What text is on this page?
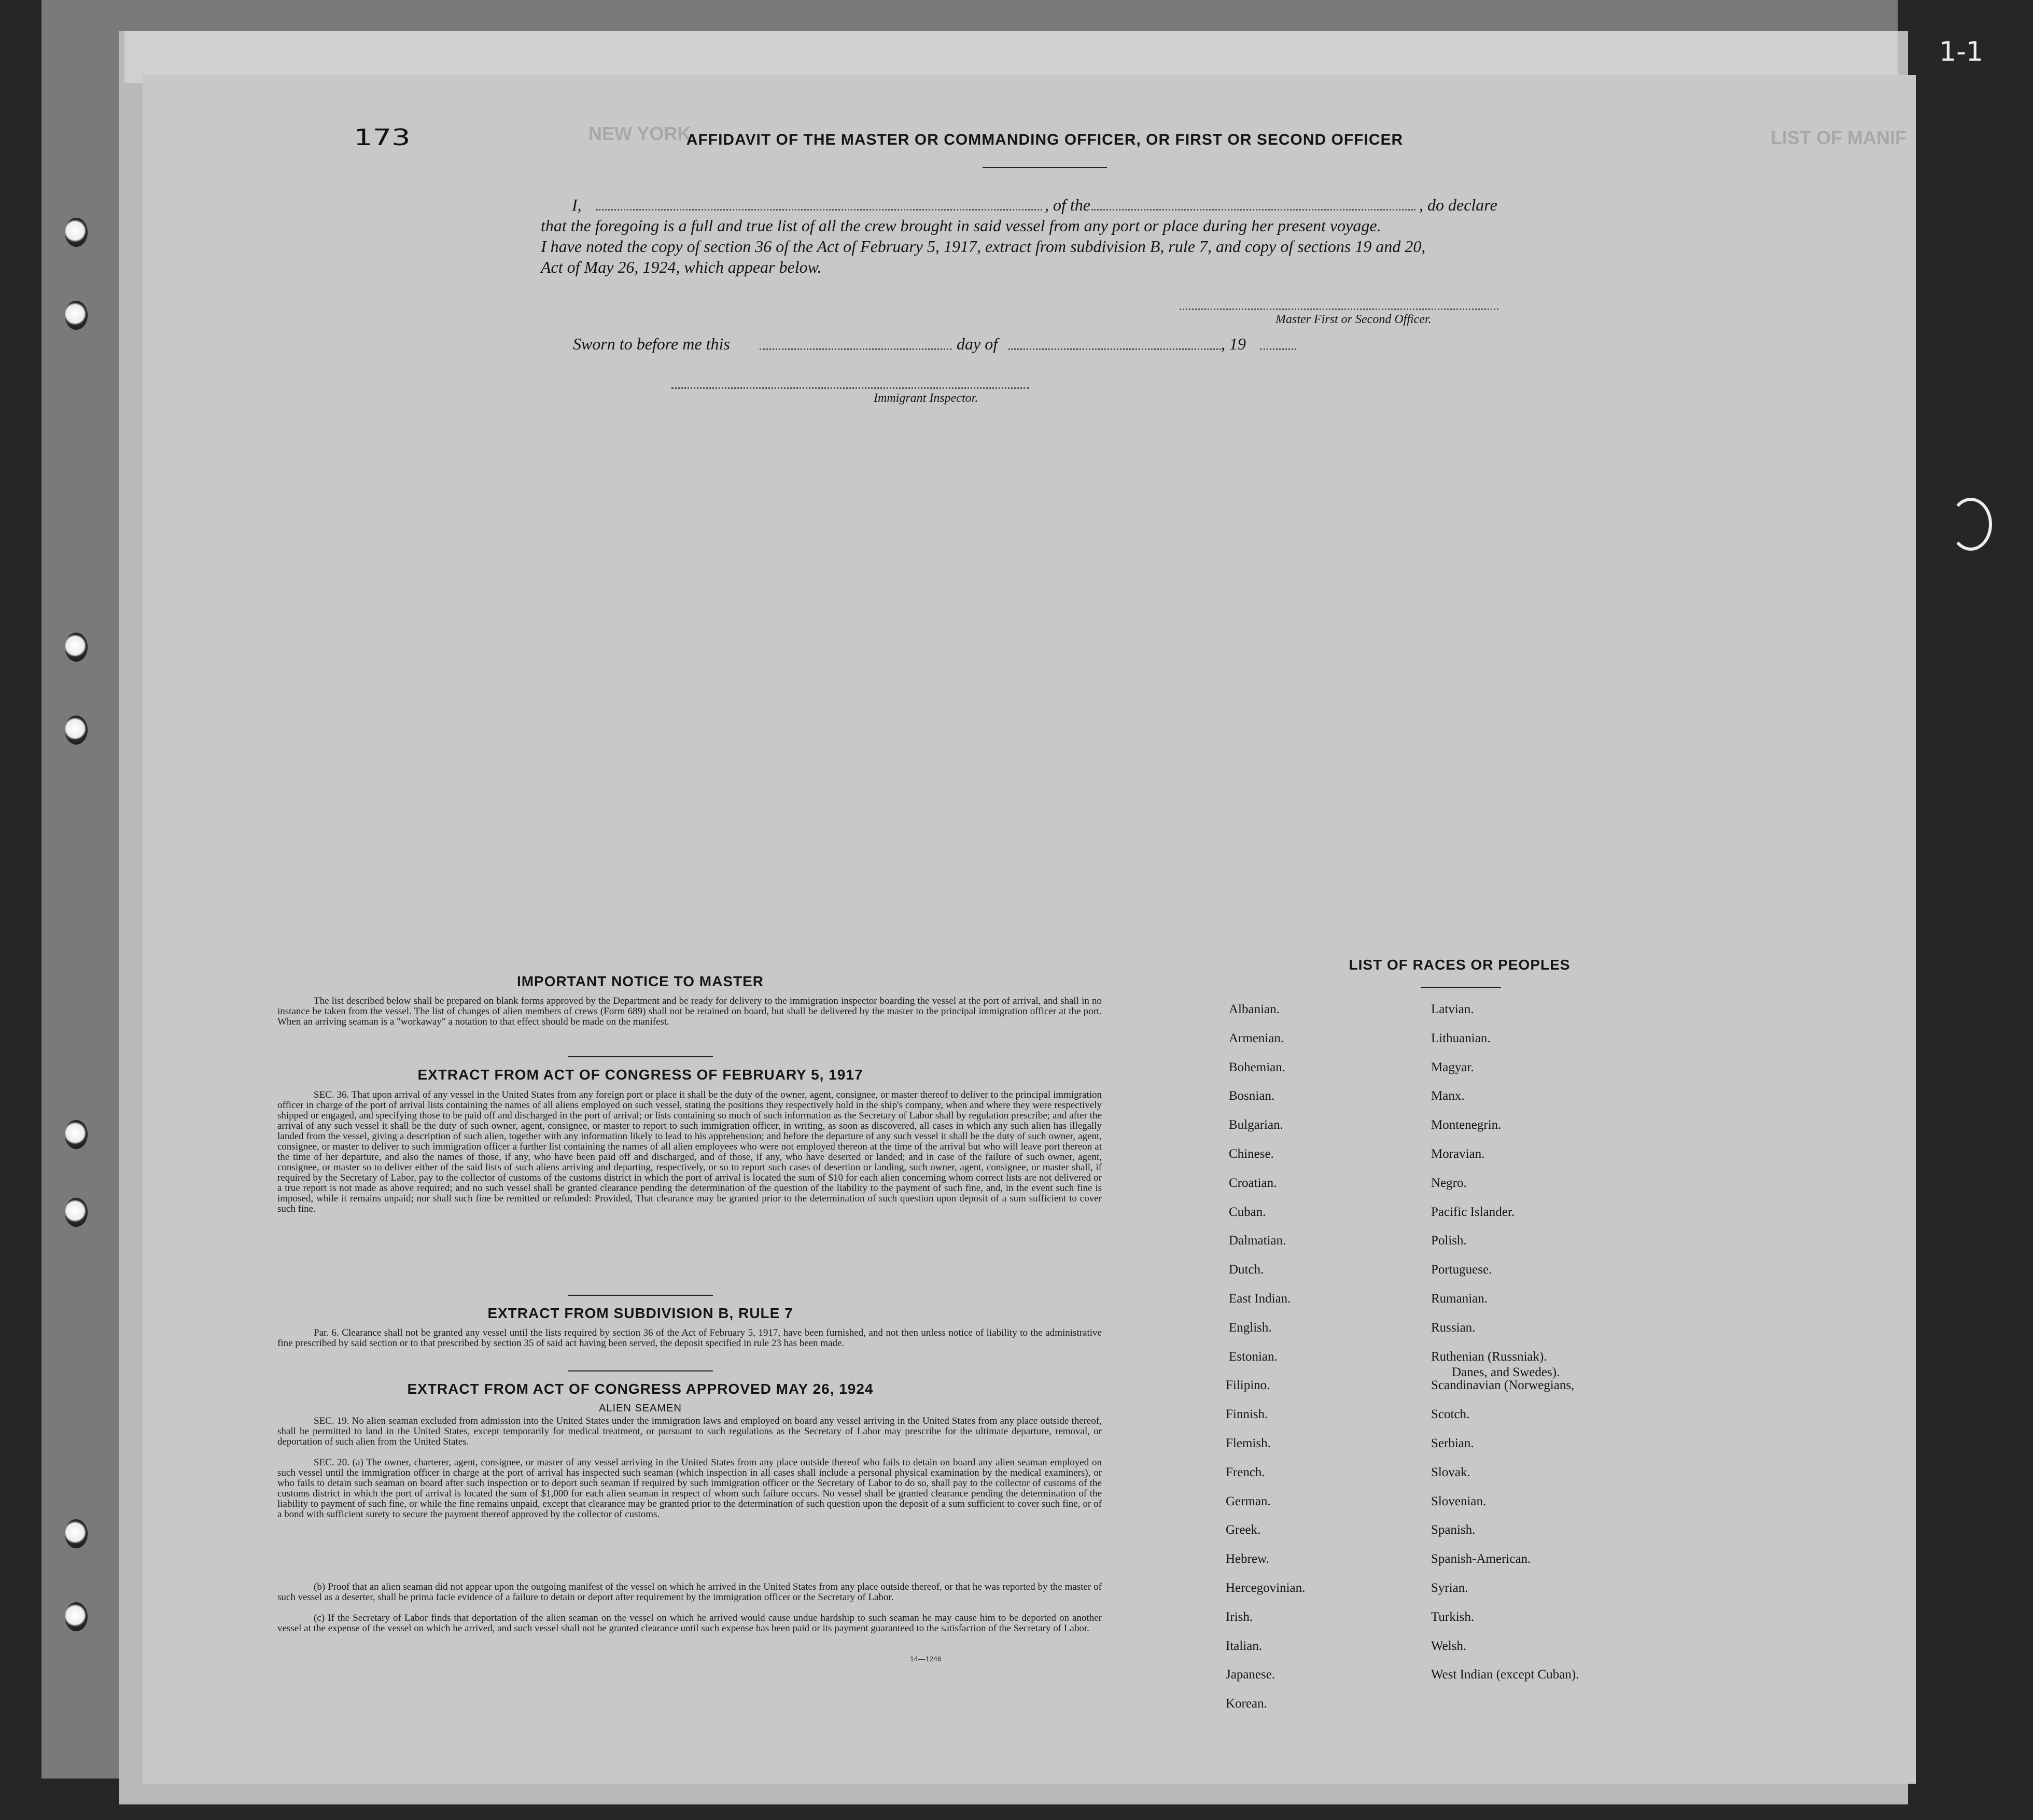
1-1
LIST OF MANIF
NEW YORK
173	AFFIDAVIT OF THE MASTER OR COMMANDING OFFICER, OR FIRST OR SECOND OFFICER
I,	, of the	, do declare
that the foregoing is a full and true list of all the crew brought in said vessel from any port or place during her present voyage.
I have noted the copy of section 36 of the Act of February 5, 1917, extract from subdivision B, rule 7, and copy of sections 19 and 20,
Act of May 26, 1924, which appear below.
Master First or Second Officer.
Sworn to before me this	day of	, 19
Immigrant Inspector.
IMPORTANT NOTICE TO MASTER
The list described below shall be prepared on blank forms approved by the Department and be ready for delivery to the immigration inspector boarding the vessel at the port of arrival, and shall in no instance be taken from the vessel. The list of changes of alien members of crews (Form 689) shall not be retained on board, but shall be delivered by the master to the principal immigration officer at the port. When an arriving seaman is a "workaway" a notation to that effect should be made on the manifest.
EXTRACT FROM ACT OF CONGRESS OF FEBRUARY 5, 1917
SEC. 36. That upon arrival of any vessel in the United States from any foreign port or place it shall be the duty of the owner, agent, consignee, or master thereof to deliver to the principal immigration officer in charge of the port of arrival lists containing the names of all aliens employed on such vessel, stating the positions they respectively hold in the ship's company, when and where they were respectively shipped or engaged, and specifying those to be paid off and discharged in the port of arrival; or lists containing so much of such information as the Secretary of Labor shall by regulation prescribe; and after the arrival of any such vessel it shall be the duty of such owner, agent, consignee, or master to report to such immigration officer, in writing, as soon as discovered, all cases in which any such alien has illegally landed from the vessel, giving a description of such alien, together with any information likely to lead to his apprehension; and before the departure of any such vessel it shall be the duty of such owner, agent, consignee, or master to deliver to such immigration officer a further list containing the names of all alien employees who were not employed thereon at the time of the arrival but who will leave port thereon at the time of her departure, and also the names of those, if any, who have been paid off and discharged, and of those, if any, who have deserted or landed; and in case of the failure of such owner, agent, consignee, or master so to deliver either of the said lists of such aliens arriving and departing, respectively, or so to report such cases of desertion or landing, such owner, agent, consignee, or master shall, if required by the Secretary of Labor, pay to the collector of customs of the customs district in which the port of arrival is located the sum of $10 for each alien concerning whom correct lists are not delivered or a true report is not made as above required; and no such vessel shall be granted clearance pending the determination of the question of the liability to the payment of such fine, and, in the event such fine is imposed, while it remains unpaid; nor shall such fine be remitted or refunded: Provided, That clearance may be granted prior to the determination of such question upon deposit of a sum sufficient to cover such fine.
EXTRACT FROM SUBDIVISION B, RULE 7
Par. 6. Clearance shall not be granted any vessel until the lists required by section 36 of the Act of February 5, 1917, have been furnished, and not then unless notice of liability to the administrative fine prescribed by said section or to that prescribed by section 35 of said act having been served, the deposit specified in rule 23 has been made.
EXTRACT FROM ACT OF CONGRESS APPROVED MAY 26, 1924
ALIEN SEAMEN
SEC. 19. No alien seaman excluded from admission into the United States under the immigration laws and employed on board any vessel arriving in the United States from any place outside thereof, shall be permitted to land in the United States, except temporarily for medical treatment, or pursuant to such regulations as the Secretary of Labor may prescribe for the ultimate departure, removal, or deportation of such alien from the United States.
SEC. 20. (a) The owner, charterer, agent, consignee, or master of any vessel arriving in the United States from any place outside thereof who fails to detain on board any alien seaman employed on such vessel until the immigration officer in charge at the port of arrival has inspected such seaman (which inspection in all cases shall include a personal physical examination by the medical examiners), or who fails to detain such seaman on board after such inspection or to deport such seaman if required by such immigration officer or the Secretary of Labor to do so, shall pay to the collector of customs of the customs district in which the port of arrival is located the sum of $1,000 for each alien seaman in respect of whom such failure occurs. No vessel shall be granted clearance pending the determination of the liability to payment of such fine, or while the fine remains unpaid, except that clearance may be granted prior to the determination of such question upon the deposit of a sum sufficient to cover such fine, or of a bond with sufficient surety to secure the payment thereof approved by the collector of customs.
(b) Proof that an alien seaman did not appear upon the outgoing manifest of the vessel on which he arrived in the United States from any place outside thereof, or that he was reported by the master of such vessel as a deserter, shall be prima facie evidence of a failure to detain or deport after requirement by the immigration officer or the Secretary of Labor.
(c) If the Secretary of Labor finds that deportation of the alien seaman on the vessel on which he arrived would cause undue hardship to such seaman he may cause him to be deported on another vessel at the expense of the vessel on which he arrived, and such vessel shall not be granted clearance until such expense has been paid or its payment guaranteed to the satisfaction of the Secretary of Labor.
14—1246
LIST OF RACES OR PEOPLES
Albanian.
Armenian.
Bohemian.
Bosnian.
Bulgarian.
Chinese.
Croatian.
Cuban.
Dalmatian.
Dutch.
East Indian.
English.
Estonian.
Filipino.
Finnish.
Flemish.
French.
German.
Greek.
Hebrew.
Hercegovinian.
Irish.
Italian.
Japanese.
Korean.
Latvian.
Lithuanian.
Magyar.
Manx.
Montenegrin.
Moravian.
Negro.
Pacific Islander.
Polish.
Portuguese.
Rumanian.
Russian.
Ruthenian (Russniak).
Scandinavian (Norwegians,
Danes, and Swedes).
Scotch.
Serbian.
Slovak.
Slovenian.
Spanish.
Spanish-American.
Syrian.
Turkish.
Welsh.
West Indian (except Cuban).
